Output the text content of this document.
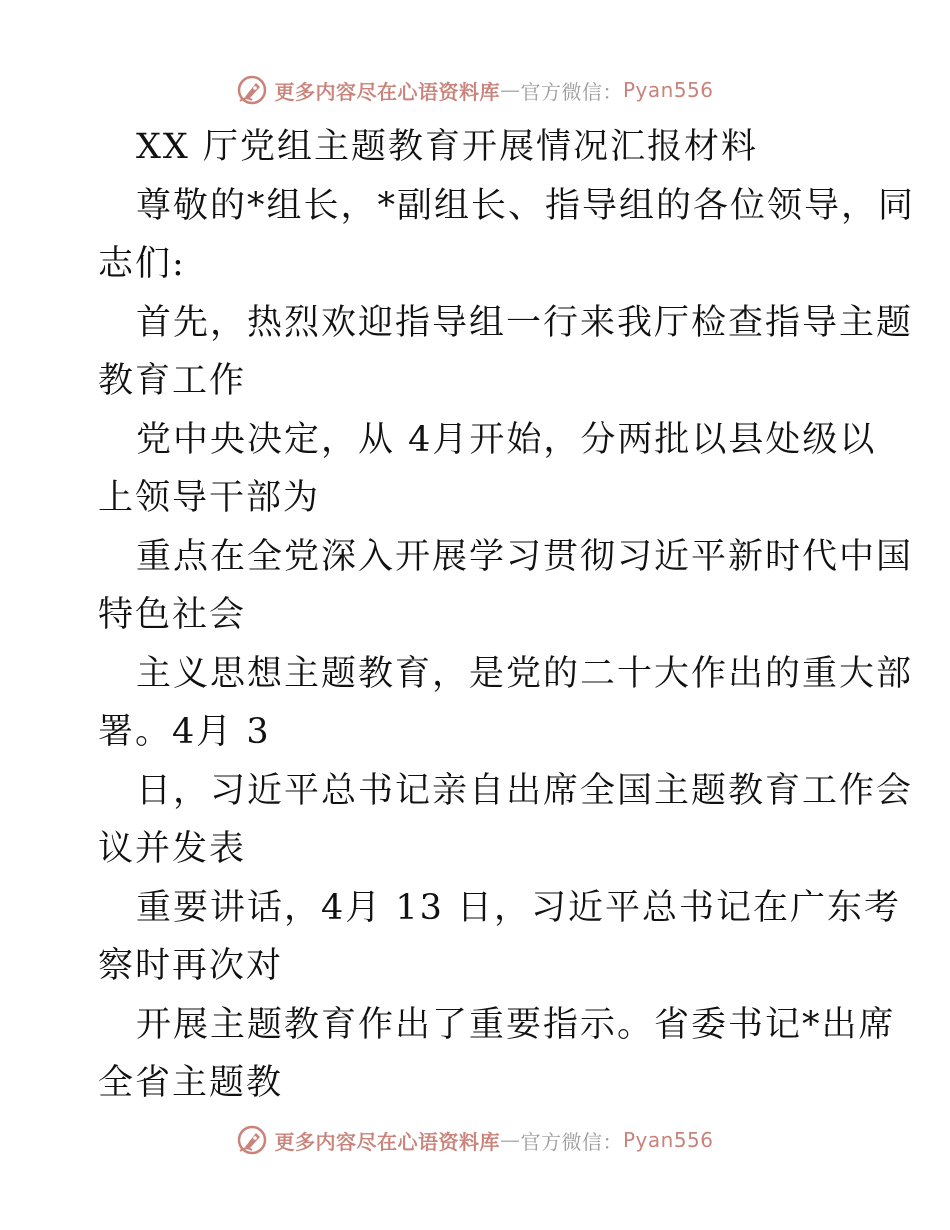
更多内容尽在心语资料库 — 官方微信： Pyan556
XX 厅党组主题教育开展情况汇报材料
尊敬的*组长，*副组长、指导组的各位领导，同
志们:
首先，热烈欢迎指导组一行来我厅检查指导主题
教育工作
党中央决定，从 4月开始，分两批以县处级以
上领导干部为
重点在全党深入开展学习贯彻习近平新时代中国
特色社会
主义思想主题教育，是党的二十大作出的重大部
署。4月 3
日，习近平总书记亲自出席全国主题教育工作会
议并发表
重要讲话，4月 13 日，习近平总书记在广东考
察时再次对
开展主题教育作出了重要指示。省委书记*出席
全省主题教
更多内容尽在心语资料库 — 官方微信： Pyan556
